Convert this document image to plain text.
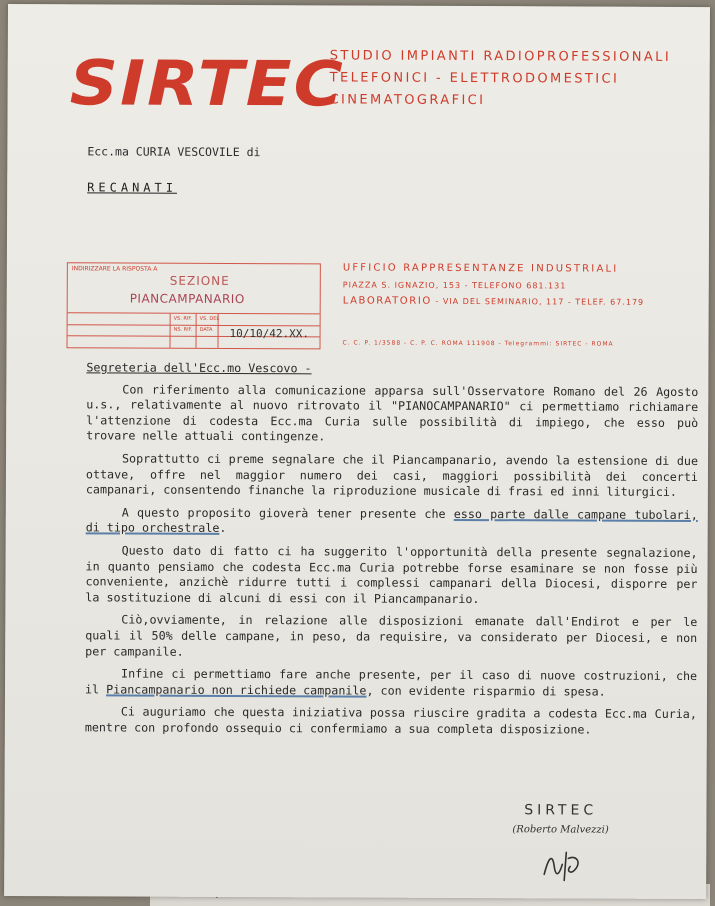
SIRTEC
STUDIO IMPIANTI RADIOPROFESSIONALI
TELEFONICI - ELETTRODOMESTICI
CINEMATOGRAFICI
Ecc.ma CURIA VESCOVILE di
RECANATI
INDIRIZZARE LA RISPOSTA A
SEZIONE
PIANCAMPANARIO
VS. RIF. VS. DEL
NS. RIF. DATA 10/10/42.XX.
UFFICIO RAPPRESENTANZE INDUSTRIALI
PIAZZA S. IGNAZIO, 153 - TELEFONO 681.131
LABORATORIO - VIA DEL SEMINARIO, 117 - TELEF. 67.179
C. C. P. 1/3588 - C. P. C. ROMA 111908 - Telegrammi: SIRTEC - ROMA

Segreteria dell'Ecc.mo Vescovo -

Con riferimento alla comunicazione apparsa sull'Osservatore Romano del 26 Agosto u.s., relativamente al nuovo ritrovato il "PIANOCAMPANARIO" ci permettiamo richiamare l'attenzione di codesta Ecc.ma Curia sulle possibilità di impiego, che esso può trovare nelle attuali contingenze.

Soprattutto ci preme segnalare che il Piancampanario, avendo la estensione di due ottave, offre nel maggior numero dei casi, maggiori possibilità dei concerti campanari, consentendo finanche la riproduzione musicale di frasi ed inni liturgici.

A questo proposito gioverà tener presente che esso parte dalle campane tubolari, di tipo orchestrale.

Questo dato di fatto ci ha suggerito l'opportunità della presente segnalazione, in quanto pensiamo che codesta Ecc.ma Curia potrebbe forse esaminare se non fosse più conveniente, anzichè ridurre tutti i complessi campanari della Diocesi, disporre per la sostituzione di alcuni di essi con il Piancampanario.

Ciò,ovviamente, in relazione alle disposizioni emanate dall'Endirot e per le quali il 50% delle campane, in peso, da requisire, va considerato per Diocesi, e non per campanile.

Infine ci permettiamo fare anche presente, per il caso di nuove costruzioni, che il Piancampanario non richiede campanile, con evidente risparmio di spesa.

Ci auguriamo che questa iniziativa possa riuscire gradita a codesta Ecc.ma Curia, mentre con profondo ossequio ci confermiamo a sua completa disposizione.

SIRTEC
(Roberto Malvezzi)
